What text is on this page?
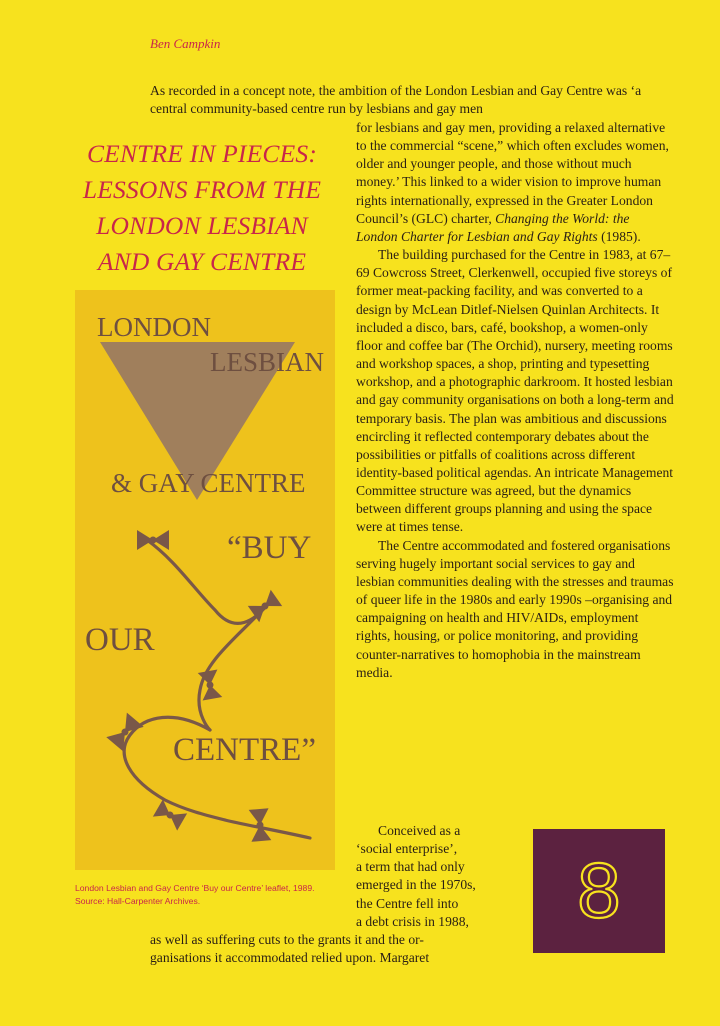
Ben Campkin

As recorded in a concept note, the ambition of the London Lesbian and Gay Centre was ‘a central community-based centre run by lesbians and gay men

CENTRE IN PIECES:
LESSONS FROM THE
LONDON LESBIAN
AND GAY CENTRE

for lesbians and gay men, providing a relaxed alternative to the commercial “scene,” which often excludes women, older and younger people, and those without much money.’ This linked to a wider vision to improve human rights internationally, expressed in the Greater London Council’s (GLC) charter, Changing the World: the London Charter for Lesbian and Gay Rights (1985).

The building purchased for the Centre in 1983, at 67–69 Cowcross Street, Clerkenwell, occupied five storeys of former meat-packing facility, and was converted to a design by McLean Ditlef-Nielsen Quinlan Architects. It included a disco, bars, café, bookshop, a women-only floor and coffee bar (The Orchid), nursery, meeting rooms and workshop spaces, a shop, printing and typesetting workshop, and a photographic darkroom. It hosted lesbian and gay community organisations on both a long-term and temporary basis. The plan was ambitious and discussions encircling it reflected contemporary debates about the possibilities or pitfalls of coalitions across different identity-based political agendas. An intricate Management Committee structure was agreed, but the dynamics between different groups planning and using the space were at times tense.

The Centre accommodated and fostered organisations serving hugely important social services to gay and lesbian communities dealing with the stresses and traumas of queer life in the 1980s and early 1990s –organising and campaigning on health and HIV/AIDs, employment rights, housing, or police monitoring, and providing counter-narratives to homophobia in the mainstream media.

Conceived as a
‘social enterprise’,
a term that had only
emerged in the 1970s,
the Centre fell into
a debt crisis in 1988,
as well as suffering cuts to the grants it and the or-
ganisations it accommodated relied upon. Margaret
LONDON
LESBIAN
& GAY CENTRE
“BUY
OUR
CENTRE”
London Lesbian and Gay Centre ‘Buy our Centre’ leaflet, 1989. Source: Hall-Carpenter Archives.	8
